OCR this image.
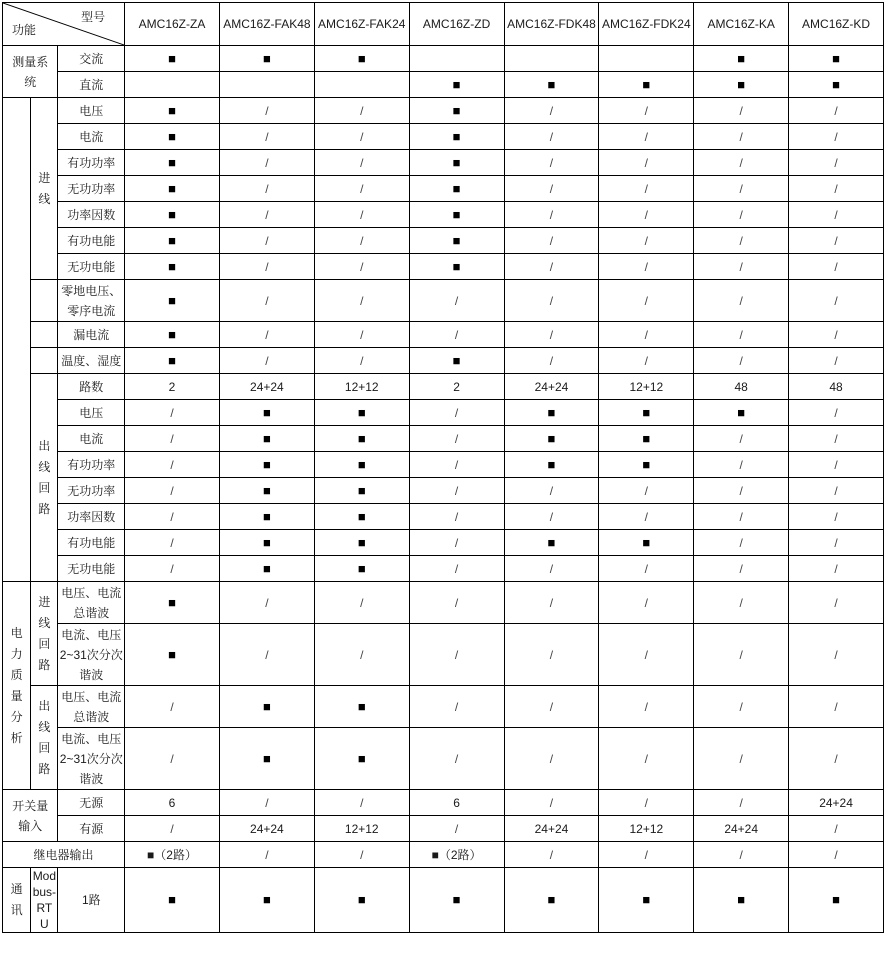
型号
功能			AMC16Z-ZA	AMC16Z-FAK48	AMC16Z-FAK24	AMC16Z-ZD	AMC16Z-FDK48	AMC16Z-FDK24	AMC16Z-KA	AMC16Z-KD
测量系统		交流	■	■	■				■	■
		直流				■	■	■	■	■
	进线	电压	■	/	/	■	/	/	/	/
		电流	■	/	/	■	/	/	/	/
		有功功率	■	/	/	■	/	/	/	/
		无功功率	■	/	/	■	/	/	/	/
		功率因数	■	/	/	■	/	/	/	/
		有功电能	■	/	/	■	/	/	/	/
		无功电能	■	/	/	■	/	/	/	/
		零地电压、零序电流	■	/	/	/	/	/	/	/
		漏电流	■	/	/	/	/	/	/	/
		温度、湿度	■	/	/	■	/	/	/	/
	出线回路	路数	2	24+24	12+12	2	24+24	12+12	48	48
		电压	/	■	■	/	■	■	■	/
		电流	/	■	■	/	■	■	/	/
		有功功率	/	■	■	/	■	■	/	/
		无功功率	/	■	■	/	/	/	/	/
		功率因数	/	■	■	/	/	/	/	/
		有功电能	/	■	■	/	■	■	/	/
		无功电能	/	■	■	/	/	/	/	/
电力质量分析	进线回路	电压、电流总谐波	■	/	/	/	/	/	/	/
		电流、电压2~31次分次谐波	■	/	/	/	/	/	/	/
	出线回路	电压、电流总谐波	/	■	■	/	/	/	/	/
		电流、电压2~31次分次谐波	/	■	■	/	/	/	/	/
开关量输入		无源	6	/	/	6	/	/	/	24+24
		有源	/	24+24	12+12	/	24+24	12+12	24+24	/
继电器输出			■（2路）	/	/	■（2路）	/	/	/	/
通讯	Modbus-RTU	1路	■	■	■	■	■	■	■	■
